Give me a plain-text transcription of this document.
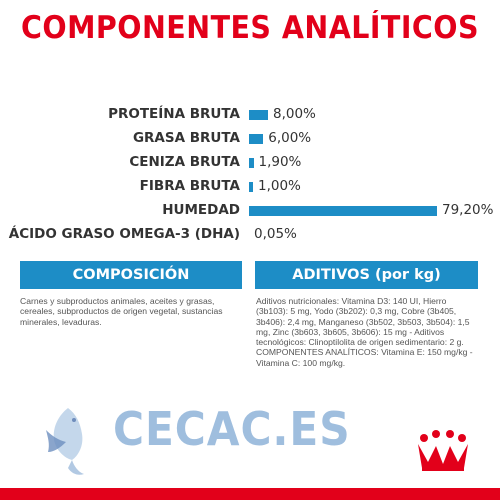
COMPONENTES ANALÍTICOS
PROTEÍNA BRUTA 8,00%
GRASA BRUTA 6,00%
CENIZA BRUTA 1,90%
FIBRA BRUTA 1,00%
HUMEDAD	79,20%
ÁCIDO GRASO OMEGA-3 (DHA) 0,05%
COMPOSICIÓN	ADITIVOS (por kg)
Carnes y subproductos animales, aceites y grasas, cereales, subproductos de origen vegetal, sustancias minerales, levaduras.
Aditivos nutricionales: Vitamina D3: 140 UI, Hierro (3b103): 5 mg, Yodo (3b202): 0,3 mg, Cobre (3b405, 3b406): 2,4 mg, Manganeso (3b502, 3b503, 3b504): 1,5 mg, Zinc (3b603, 3b605, 3b606): 15 mg - Aditivos tecnológicos: Clinoptilolita de origen sedimentario: 2 g. COMPONENTES ANALÍTICOS: Vitamina E: 150 mg/kg - Vitamina C: 100 mg/kg.
CECAC.ES
